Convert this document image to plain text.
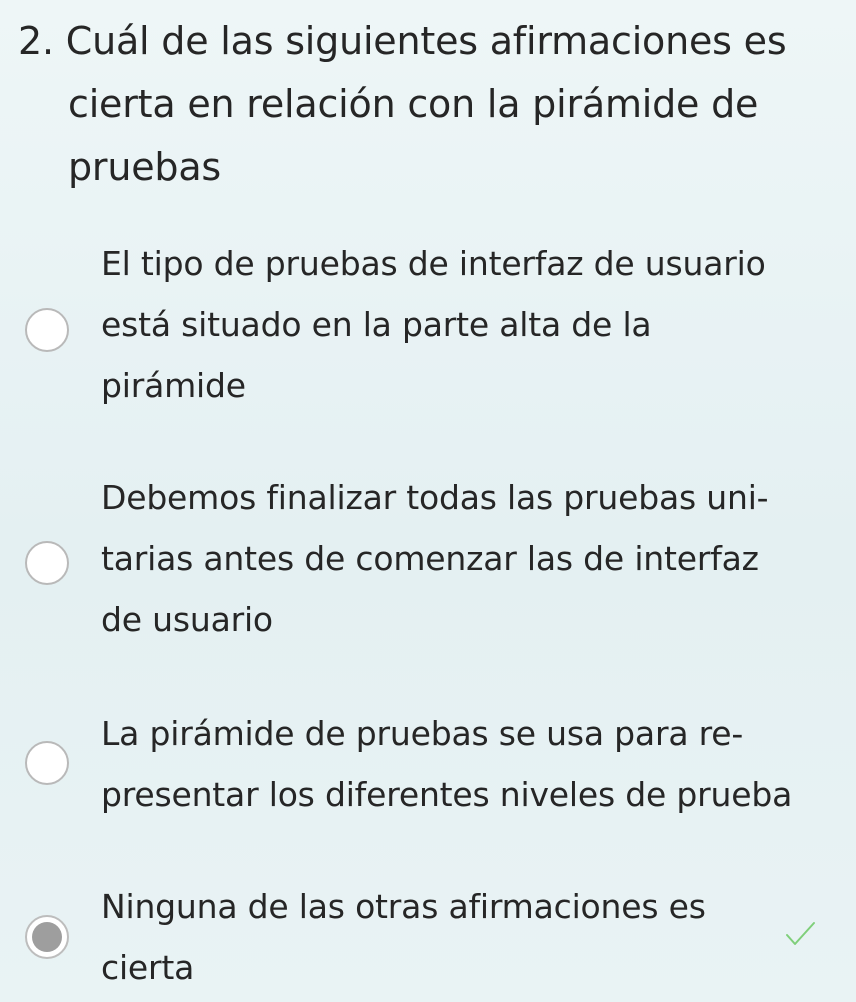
2. Cuál de las siguientes afirmaciones es
cierta en relación con la pirámide de
pruebas
El tipo de pruebas de interfaz de usuario
está situado en la parte alta de la
pirámide
Debemos finalizar todas las pruebas uni-
tarias antes de comenzar las de interfaz
de usuario
La pirámide de pruebas se usa para re-
presentar los diferentes niveles de prueba
Ninguna de las otras afirmaciones es
cierta
